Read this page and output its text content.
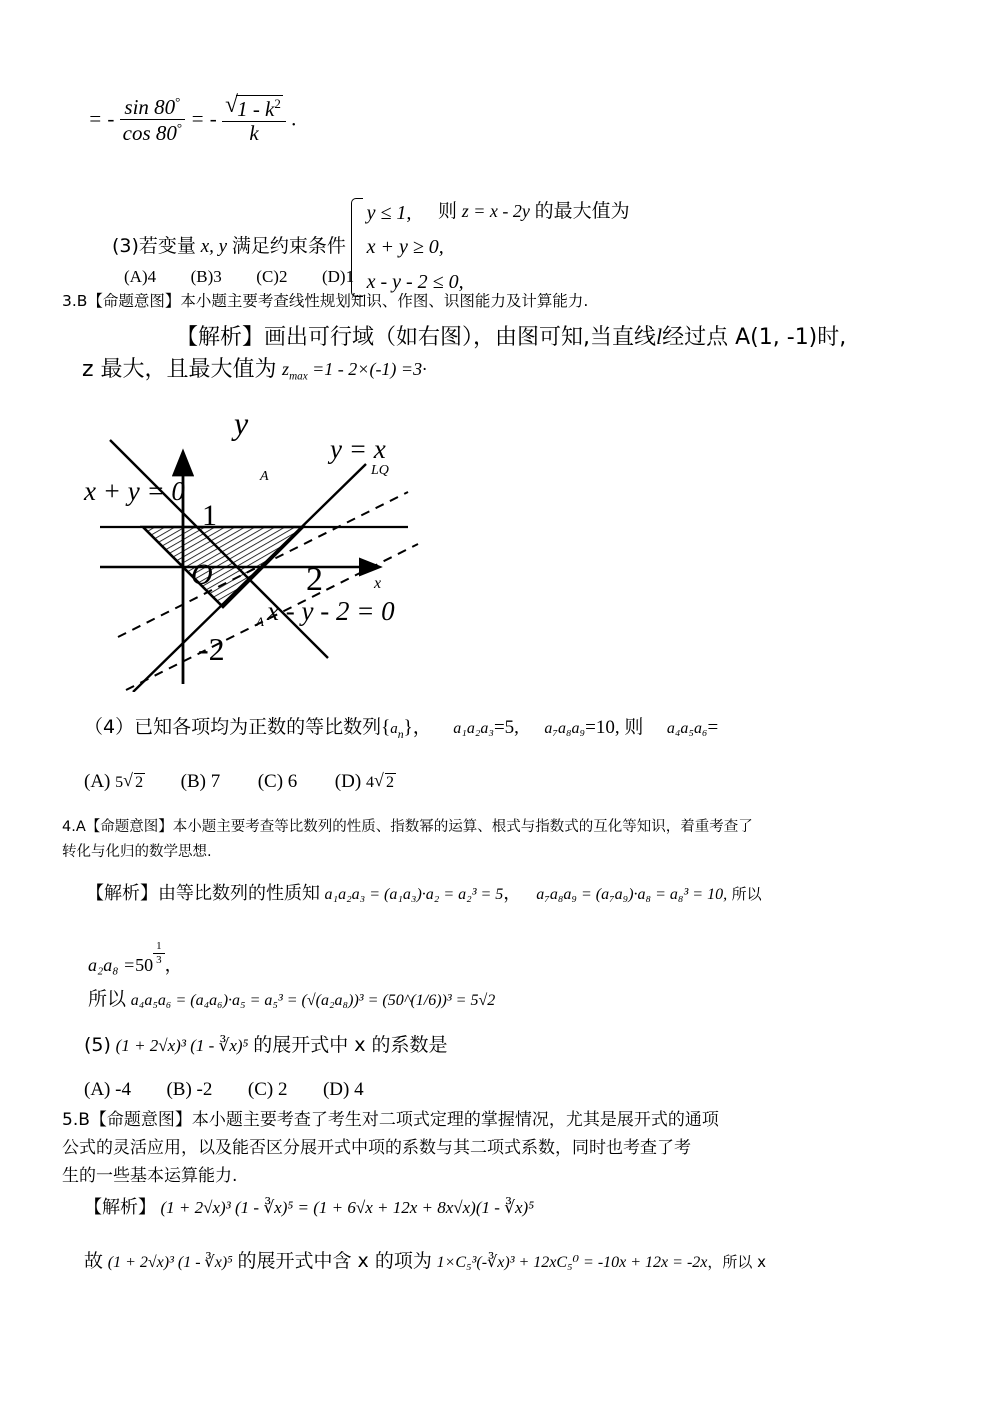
= - $\frac{\sin 80^\circ}{\cos 80^\circ}$ = - $\frac{√ 1 - k^2}{k}$ .
(3)若变量 x, y 满足约束条件
y ≤ 1,
x + y ≥ 0,
x - y - 2 ≤ 0,
则 z = x - 2y 的最大值为
(A)4 (B)3 (C)2 (D)1
3.B【命题意图】本小题主要考查线性规划知识、作图、识图能力及计算能力.
【解析】画出可行域（如右图），由图可知,当直线l经过点 A(1, -1)时,
z 最大，且最大值为 $z_{max} =1 - 2\times(-1) =3\cdot$
y
x
O
1
2
-2
x + y = 0
y = x
LQ
x - y - 2 = 0
A
A
（4）已知各项均为正数的等比数列$\{a_n\}$， a₁a₂a₃=5, a₇a₈a₉=10, 则 a₄a₅a₆=
(A) 5 √ 2 (B) 7 (C) 6 (D) 4 √ 2
4.A【命题意图】本小题主要考查等比数列的性质、指数幂的运算、根式与指数式的互化等知识，着重考查了
转化与化归的数学思想.
【解析】由等比数列的性质知 a₁a₂a₃ = (a₁a₃)·a₂ = a₂³ = 5， a₇a₈a₉ = (a₇a₉)·a₈ = a₈³ = 10, 所以
$a_2a_8 =50 \frac{1}{3}$ ，
所以 a₄a₅a₆ = (a₄a₆)·a₅ = a₅³ = (√(a₂a₈))³ = (50^(1/6))³ = 5√2
(5) (1 + 2√x)³ (1 - ∛x)⁵ 的展开式中 x 的系数是
(A) -4 (B) -2 (C) 2 (D) 4
5.B【命题意图】本小题主要考查了考生对二项式定理的掌握情况，尤其是展开式的通项
公式的灵活应用，以及能否区分展开式中项的系数与其二项式系数，同时也考查了考
生的一些基本运算能力.
【解析】 (1 + 2√x)³ (1 - ∛x)⁵ = (1 + 6√x + 12x + 8x√x)(1 - ∛x)⁵
故 (1 + 2√x)³ (1 - ∛x)⁵ 的展开式中含 x 的项为 1×C₅³(-∛x)³ + 12xC₅⁰ = -10x + 12x = -2x，所以 x
